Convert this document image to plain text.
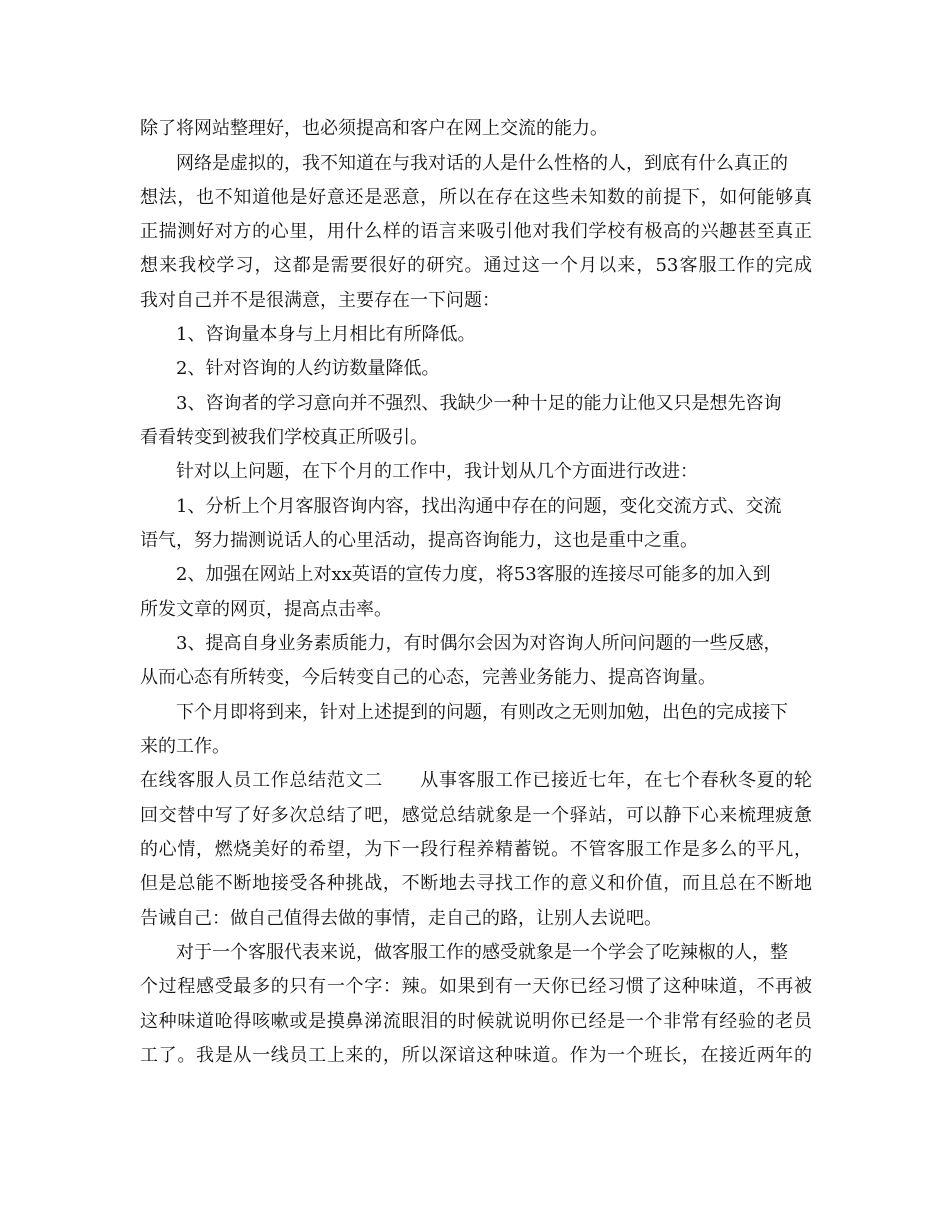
除了将网站整理好，也必须提高和客户在网上交流的能力。
网络是虚拟的，我不知道在与我对话的人是什么性格的人，到底有什么真正的
想法，也不知道他是好意还是恶意，所以在存在这些未知数的前提下，如何能够真
正揣测好对方的心里，用什么样的语言来吸引他对我们学校有极高的兴趣甚至真正
想来我校学习，这都是需要很好的研究。通过这一个月以来，53客服工作的完成
我对自己并不是很满意，主要存在一下问题：
1、咨询量本身与上月相比有所降低。
2、针对咨询的人约访数量降低。
3、咨询者的学习意向并不强烈、我缺少一种十足的能力让他又只是想先咨询
看看转变到被我们学校真正所吸引。
针对以上问题，在下个月的工作中，我计划从几个方面进行改进：
1、分析上个月客服咨询内容，找出沟通中存在的问题，变化交流方式、交流
语气，努力揣测说话人的心里活动，提高咨询能力，这也是重中之重。
2、加强在网站上对xx英语的宣传力度，将53客服的连接尽可能多的加入到
所发文章的网页，提高点击率。
3、提高自身业务素质能力，有时偶尔会因为对咨询人所问问题的一些反感，
从而心态有所转变，今后转变自己的心态，完善业务能力、提高咨询量。
下个月即将到来，针对上述提到的问题，有则改之无则加勉，出色的完成接下
来的工作。
在线客服人员工作总结范文二　　从事客服工作已接近七年，在七个春秋冬夏的轮
回交替中写了好多次总结了吧，感觉总结就象是一个驿站，可以静下心来梳理疲惫
的心情，燃烧美好的希望，为下一段行程养精蓄锐。不管客服工作是多么的平凡，
但是总能不断地接受各种挑战，不断地去寻找工作的意义和价值，而且总在不断地
告诫自己：做自己值得去做的事情，走自己的路，让别人去说吧。
对于一个客服代表来说，做客服工作的感受就象是一个学会了吃辣椒的人，整
个过程感受最多的只有一个字：辣。如果到有一天你已经习惯了这种味道，不再被
这种味道呛得咳嗽或是摸鼻涕流眼泪的时候就说明你已经是一个非常有经验的老员
工了。我是从一线员工上来的，所以深谙这种味道。作为一个班长，在接近两年的
